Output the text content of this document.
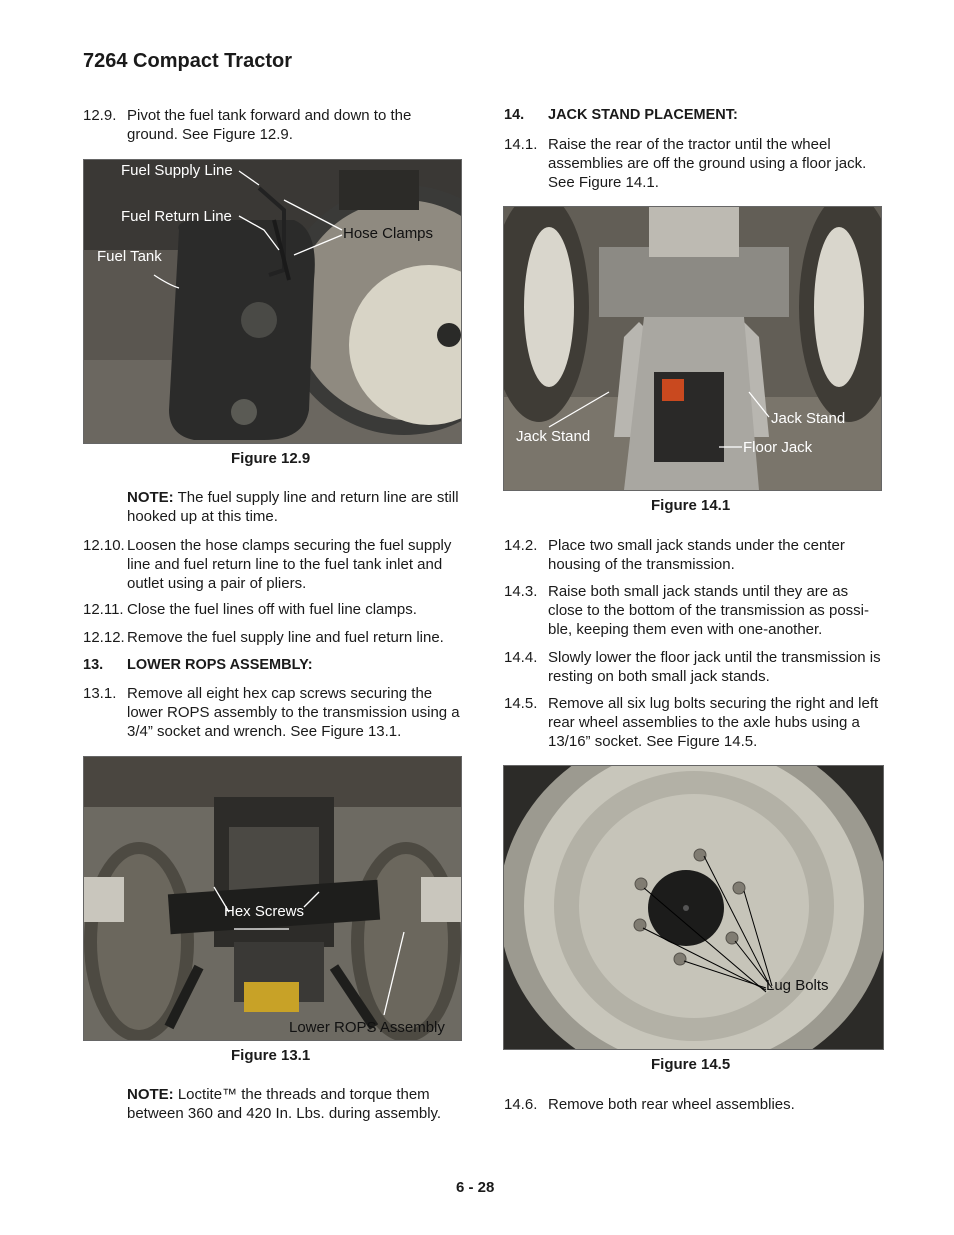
7264 Compact Tractor
12.9. Pivot the fuel tank forward and down to the ground. See Figure 12.9.
Fuel Supply Line
Fuel Return Line
Fuel Tank
Hose Clamps
Figure 12.9
NOTE: The fuel supply line and return line are still hooked up at this time.
12.10. Loosen the hose clamps securing the fuel supply line and fuel return line to the fuel tank inlet and outlet using a pair of pliers.
12.11. Close the fuel lines off with fuel line clamps.
12.12. Remove the fuel supply line and fuel return line.
13. LOWER ROPS ASSEMBLY:
13.1. Remove all eight hex cap screws securing the lower ROPS assembly to the transmission using a 3/4” socket and wrench. See Figure 13.1.
Hex Screws
Lower ROPS Assembly
Figure 13.1
NOTE: Loctite™ the threads and torque them between 360 and 420 In. Lbs. during assembly.
14. JACK STAND PLACEMENT:
14.1. Raise the rear of the tractor until the wheel assemblies are off the ground using a floor jack. See Figure 14.1.
Jack Stand
Jack Stand
Floor Jack
Figure 14.1
14.2. Place two small jack stands under the center housing of the transmission.
14.3. Raise both small jack stands until they are as close to the bottom of the transmission as possi-ble, keeping them even with one-another.
14.4. Slowly lower the floor jack until the transmission is resting on both small jack stands.
14.5. Remove all six lug bolts securing the right and left rear wheel assemblies to the axle hubs using a 13/16” socket. See Figure 14.5.
Lug Bolts
Figure 14.5
14.6. Remove both rear wheel assemblies.
6 - 28
